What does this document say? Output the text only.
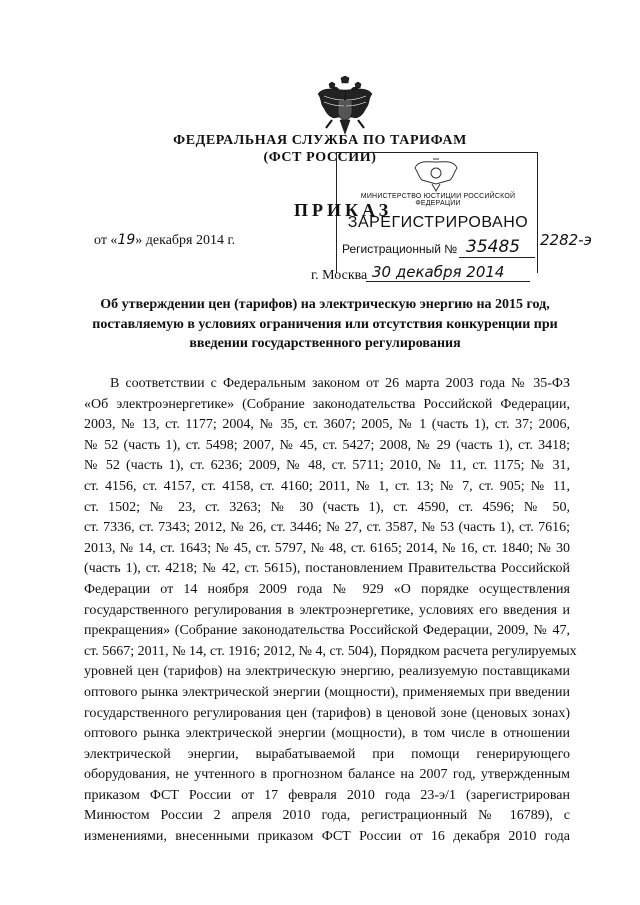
ФЕДЕРАЛЬНАЯ СЛУЖБА ПО ТАРИФАМ
(ФСТ РОССИИ)
МИНИСТЕРСТВО ЮСТИЦИИ РОССИЙСКОЙ ФЕДЕРАЦИИ
ЗАРЕГИСТРИРОВАНО
Регистрационный № 35485
30 декабря 2014
2282-э
ПРИКАЗ
от «19» декабря 2014 г.
г. Москва
Об утверждении цен (тарифов) на электрическую энергию на 2015 год,
поставляемую в условиях ограничения или отсутствия конкуренции при
введении государственного регулирования
В соответствии с Федеральным законом от 26 марта 2003 года № 35-ФЗ
«Об электроэнергетике» (Собрание законодательства Российской Федерации,
2003, № 13, ст. 1177; 2004, № 35, ст. 3607; 2005, № 1 (часть 1), ст. 37; 2006,
№ 52 (часть 1), ст. 5498; 2007, № 45, ст. 5427; 2008, № 29 (часть 1), ст. 3418;
№ 52 (часть 1), ст. 6236; 2009, № 48, ст. 5711; 2010, № 11, ст. 1175; № 31,
ст. 4156, ст. 4157, ст. 4158, ст. 4160; 2011, № 1, ст. 13; № 7, ст. 905; № 11,
ст. 1502; № 23, ст. 3263; № 30 (часть 1), ст. 4590, ст. 4596; № 50,
ст. 7336, ст. 7343; 2012, № 26, ст. 3446; № 27, ст. 3587, № 53 (часть 1), ст. 7616;
2013, № 14, ст. 1643; № 45, ст. 5797, № 48, ст. 6165; 2014, № 16, ст. 1840; № 30
(часть 1), ст. 4218; № 42, ст. 5615), постановлением Правительства Российской
Федерации от 14 ноября 2009 года № 929 «О порядке осуществления
государственного регулирования в электроэнергетике, условиях его введения и
прекращения» (Собрание законодательства Российской Федерации, 2009, № 47,
ст. 5667; 2011, № 14, ст. 1916; 2012, № 4, ст. 504), Порядком расчета регулируемых
уровней цен (тарифов) на электрическую энергию, реализуемую поставщиками
оптового рынка электрической энергии (мощности), применяемых при введении
государственного регулирования цен (тарифов) в ценовой зоне (ценовых зонах)
оптового рынка электрической энергии (мощности), в том числе в отношении
электрической энергии, вырабатываемой при помощи генерирующего
оборудования, не учтенного в прогнозном балансе на 2007 год, утвержденным
приказом ФСТ России от 17 февраля 2010 года 23-э/1 (зарегистрирован
Минюстом России 2 апреля 2010 года, регистрационный № 16789), с
изменениями, внесенными приказом ФСТ России от 16 декабря 2010 года
